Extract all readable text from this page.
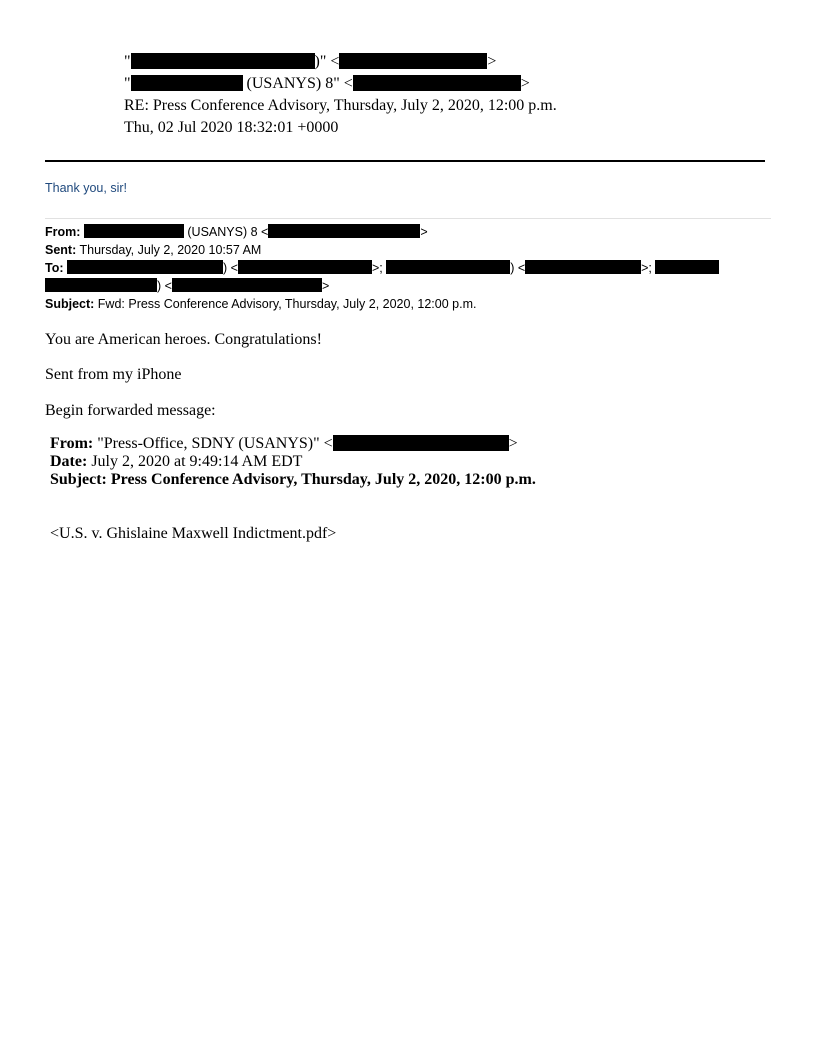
"	)" <	>
"	(USANYS) 8" <	>
RE: Press Conference Advisory, Thursday, July 2, 2020, 12:00 p.m.
Thu, 02 Jul 2020 18:32:01 +0000
Thank you, sir!
From:	(USANYS) 8 <	>
Sent: Thursday, July 2, 2020 10:57 AM
To:	) <	>;	) <	>;
) <	>
Subject: Fwd: Press Conference Advisory, Thursday, July 2, 2020, 12:00 p.m.
You are American heroes. Congratulations!
Sent from my iPhone
Begin forwarded message:
From: "Press-Office, SDNY (USANYS)" <	>
Date: July 2, 2020 at 9:49:14 AM EDT
Subject: Press Conference Advisory, Thursday, July 2, 2020, 12:00 p.m.
<U.S. v. Ghislaine Maxwell Indictment.pdf>
